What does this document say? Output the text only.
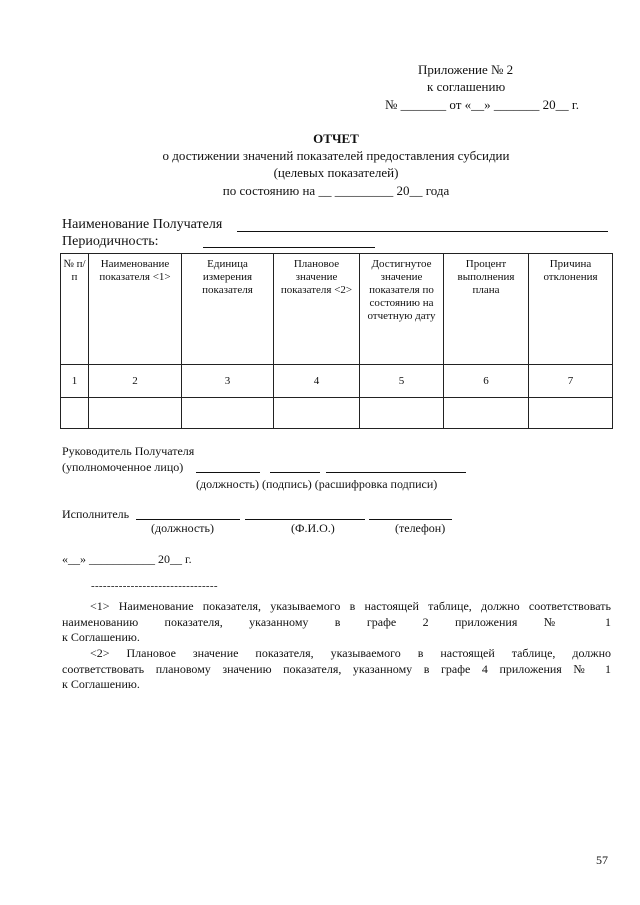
Приложение № 2
к соглашению
№ _______ от «__» _______ 20__ г.
ОТЧЕТ
о достижении значений показателей предоставления субсидии
(целевых показателей)
по состоянию на __ _________ 20__ года
Наименование Получателя
Периодичность:
№ п/п	Наименование показателя <1>	Единица измерения показателя	Плановое значение показателя <2>	Достигнутое значение показателя по состоянию на отчетную дату	Процент выполнения плана	Причина отклонения
1	2	3	4	5	6	7

Руководитель Получателя
(уполномоченное лицо)
(должность) (подпись) (расшифровка подписи)
Исполнитель
(должность)	(Ф.И.О.)	(телефон)
«__» ___________ 20__ г.
--------------------------------
<1> Наименование показателя, указываемого в настоящей таблице, должно соответствовать
наименованию показателя, указанному в графе 2 приложения № 1
к Соглашению.
<2> Плановое значение показателя, указываемого в настоящей таблице, должно
соответствовать плановому значению показателя, указанному в графе 4 приложения № 1
к Соглашению.
57
